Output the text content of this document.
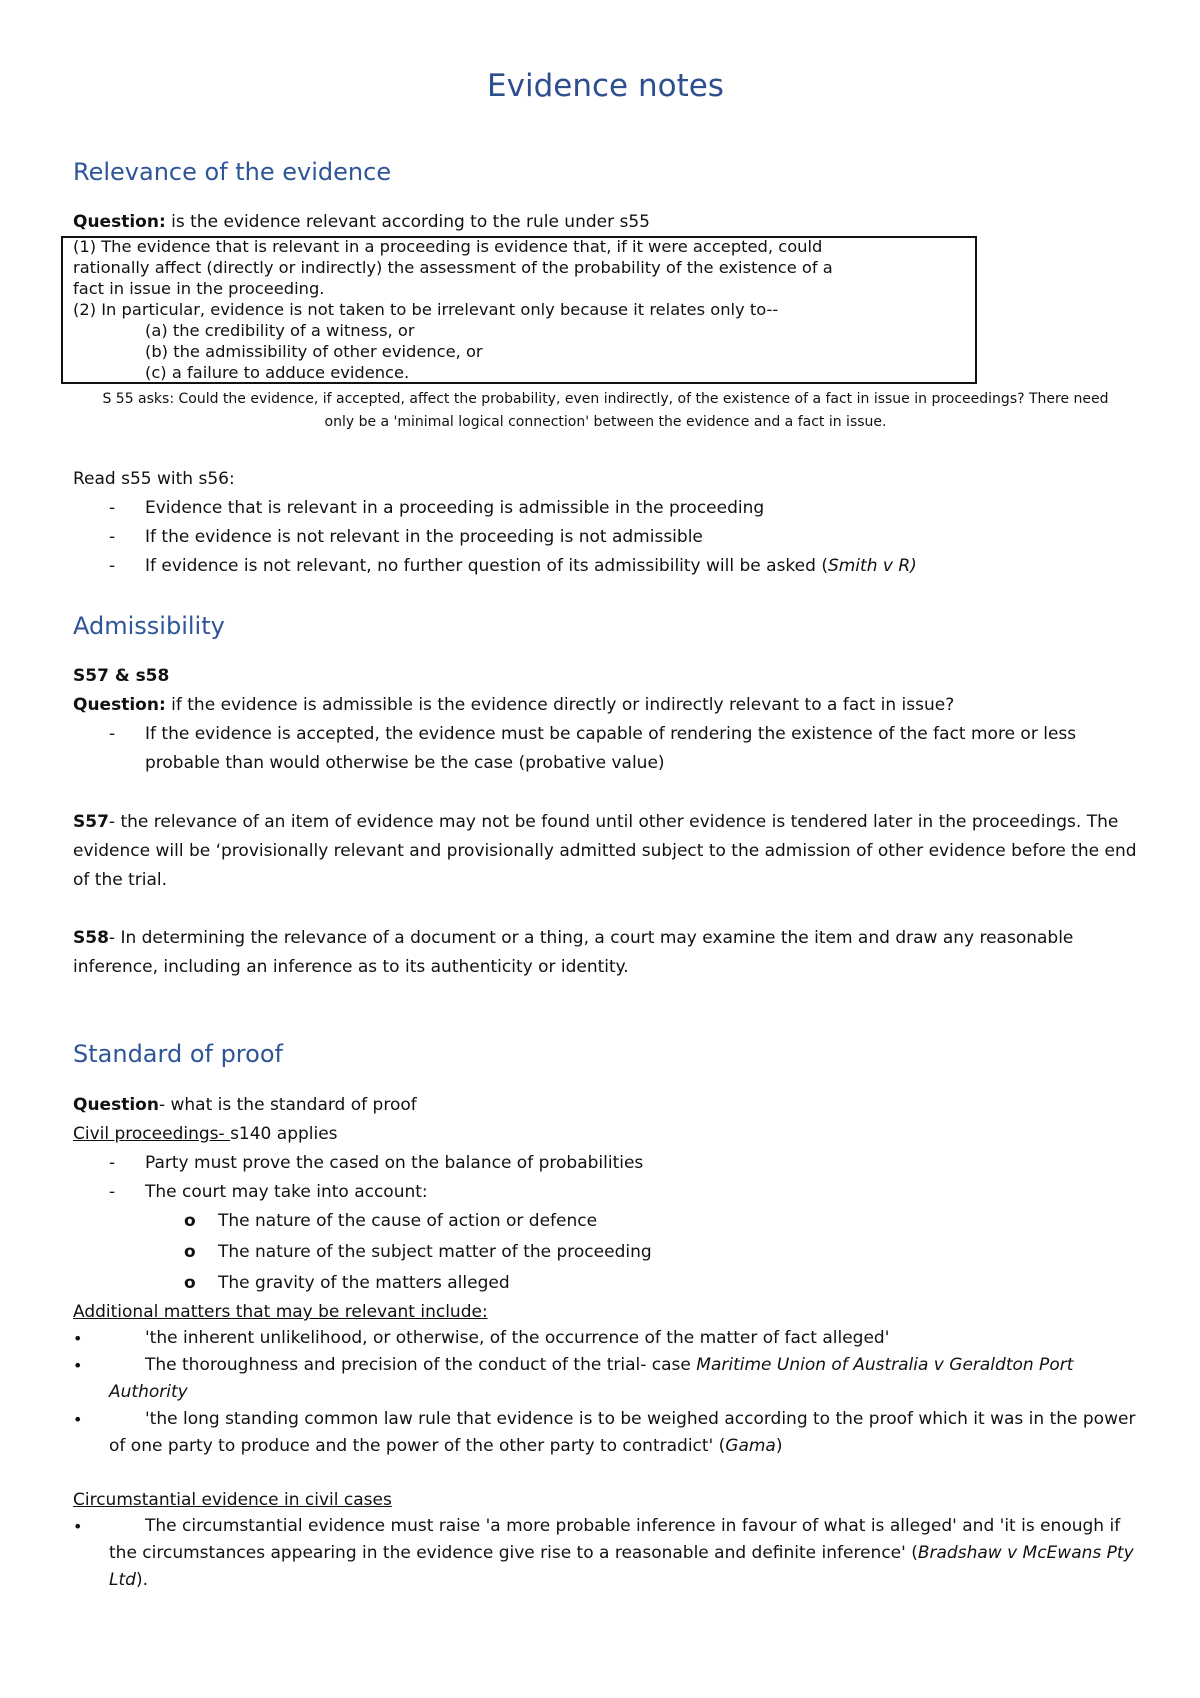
Evidence notes
Relevance of the evidence

Question: is the evidence relevant according to the rule under s55

(1) The evidence that is relevant in a proceeding is evidence that, if it were accepted, could
rationally affect (directly or indirectly) the assessment of the probability of the existence of a
fact in issue in the proceeding.
(2) In particular, evidence is not taken to be irrelevant only because it relates only to--
(a) the credibility of a witness, or
(b) the admissibility of other evidence, or
(c) a failure to adduce evidence.
S 55 asks: Could the evidence, if accepted, affect the probability, even indirectly, of the existence of a fact in issue in proceedings? There need
only be a 'minimal logical connection' between the evidence and a fact in issue.

Read s55 with s56:

- Evidence that is relevant in a proceeding is admissible in the proceeding
- If the evidence is not relevant in the proceeding is not admissible
- If evidence is not relevant, no further question of its admissibility will be asked (Smith v R)
Admissibility

S57 & s58

Question: if the evidence is admissible is the evidence directly or indirectly relevant to a fact in issue?

- If the evidence is accepted, the evidence must be capable of rendering the existence of the fact more or less
probable than would otherwise be the case (probative value)
S57- the relevance of an item of evidence may not be found until other evidence is tendered later in the proceedings. The evidence will be ‘provisionally relevant and provisionally admitted subject to the admission of other evidence before the end of the trial.
S58- In determining the relevance of a document or a thing, a court may examine the item and draw any reasonable inference, including an inference as to its authenticity or identity.
Standard of proof

Question- what is the standard of proof

Civil proceedings- s140 applies

- Party must prove the cased on the balance of probabilities
- The court may take into account:
o The nature of the cause of action or defence
o The nature of the subject matter of the proceeding
o The gravity of the matters alleged

Additional matters that may be relevant include:

•	'the inherent unlikelihood, or otherwise, of the occurrence of the matter of fact alleged'
•	The thoroughness and precision of the conduct of the trial- case Maritime Union of Australia v Geraldton Port Authority
•	'the long standing common law rule that evidence is to be weighed according to the proof which it was in the power of one party to produce and the power of the other party to contradict' (Gama)

Circumstantial evidence in civil cases

•	The circumstantial evidence must raise 'a more probable inference in favour of what is alleged' and 'it is enough if the circumstances appearing in the evidence give rise to a reasonable and definite inference' (Bradshaw v McEwans Pty Ltd).
